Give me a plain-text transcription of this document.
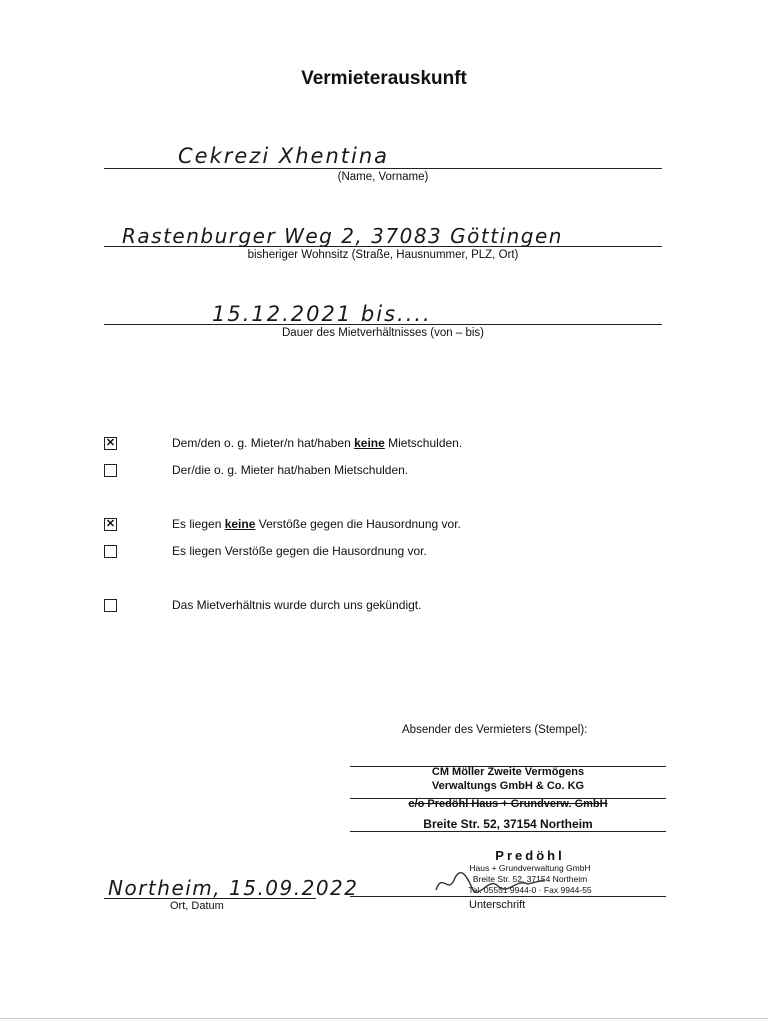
Vermieterauskunft
Cekrezi Xhentina
(Name, Vorname)
Rastenburger Weg 2, 37083 Göttingen
bisheriger Wohnsitz (Straße, Hausnummer, PLZ, Ort)
15.12.2021 bis....
Dauer des Mietverhältnisses (von – bis)
✕	Dem/den o. g. Mieter/n hat/haben keine Mietschulden.
Der/die o. g. Mieter hat/haben Mietschulden.
✕	Es liegen keine Verstöße gegen die Hausordnung vor.
Es liegen Verstöße gegen die Hausordnung vor.
Das Mietverhältnis wurde durch uns gekündigt.
Absender des Vermieters (Stempel):
CM Möller Zweite Vermögens
Verwaltungs GmbH & Co. KG
c/o Predöhl Haus + Grundverw. GmbH
Breite Str. 52, 37154 Northeim
Predöhl
Haus + Grundverwaltung GmbH
Breite Str. 52, 37154 Northeim
Tel. 05551 9944-0 · Fax 9944-55
Unterschrift
Northeim, 15.09.2022
Ort, Datum
